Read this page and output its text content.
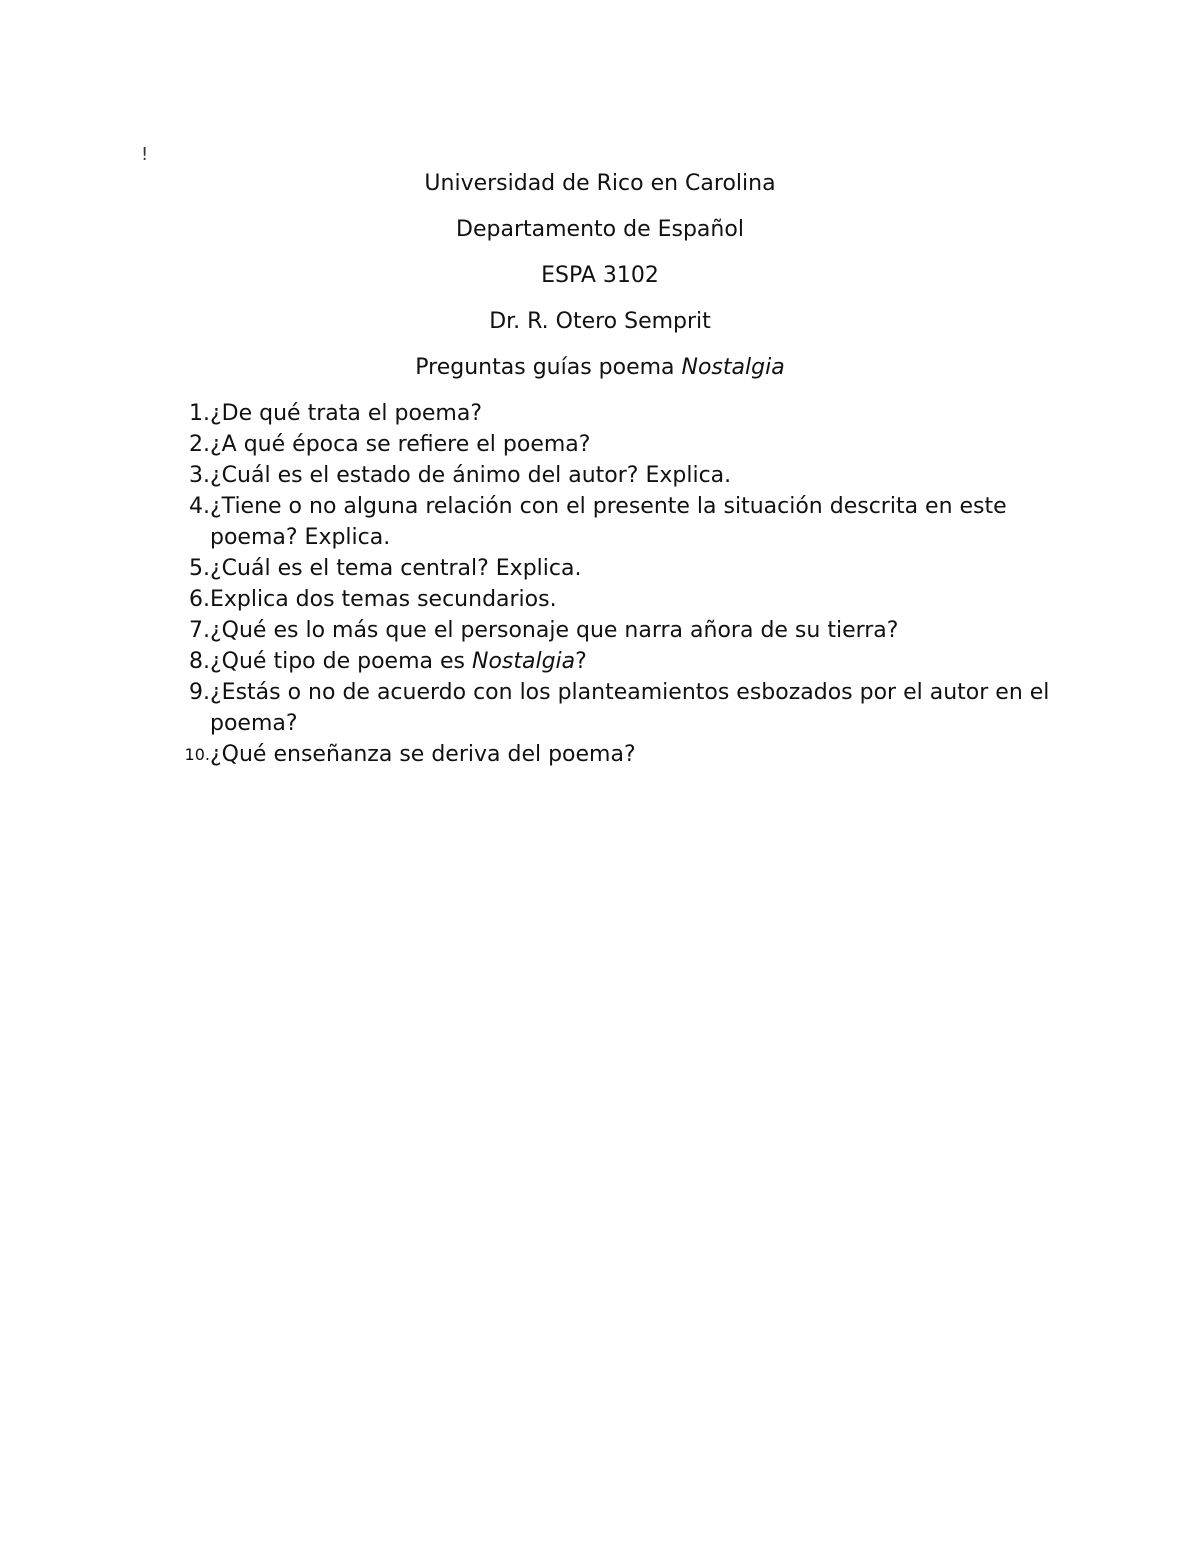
!

Universidad de Rico en Carolina

Departamento de Español

ESPA 3102

Dr. R. Otero Semprit

Preguntas guías poema Nostalgia

1. ¿De qué trata el poema?
2. ¿A qué época se refiere el poema?
3. ¿Cuál es el estado de ánimo del autor? Explica.
4. ¿Tiene o no alguna relación con el presente la situación descrita en este poema? Explica.
5. ¿Cuál es el tema central? Explica.
6. Explica dos temas secundarios.
7. ¿Qué es lo más que el personaje que narra añora de su tierra?
8. ¿Qué tipo de poema es Nostalgia?
9. ¿Estás o no de acuerdo con los planteamientos esbozados por el autor en el poema?
10. ¿Qué enseñanza se deriva del poema?
